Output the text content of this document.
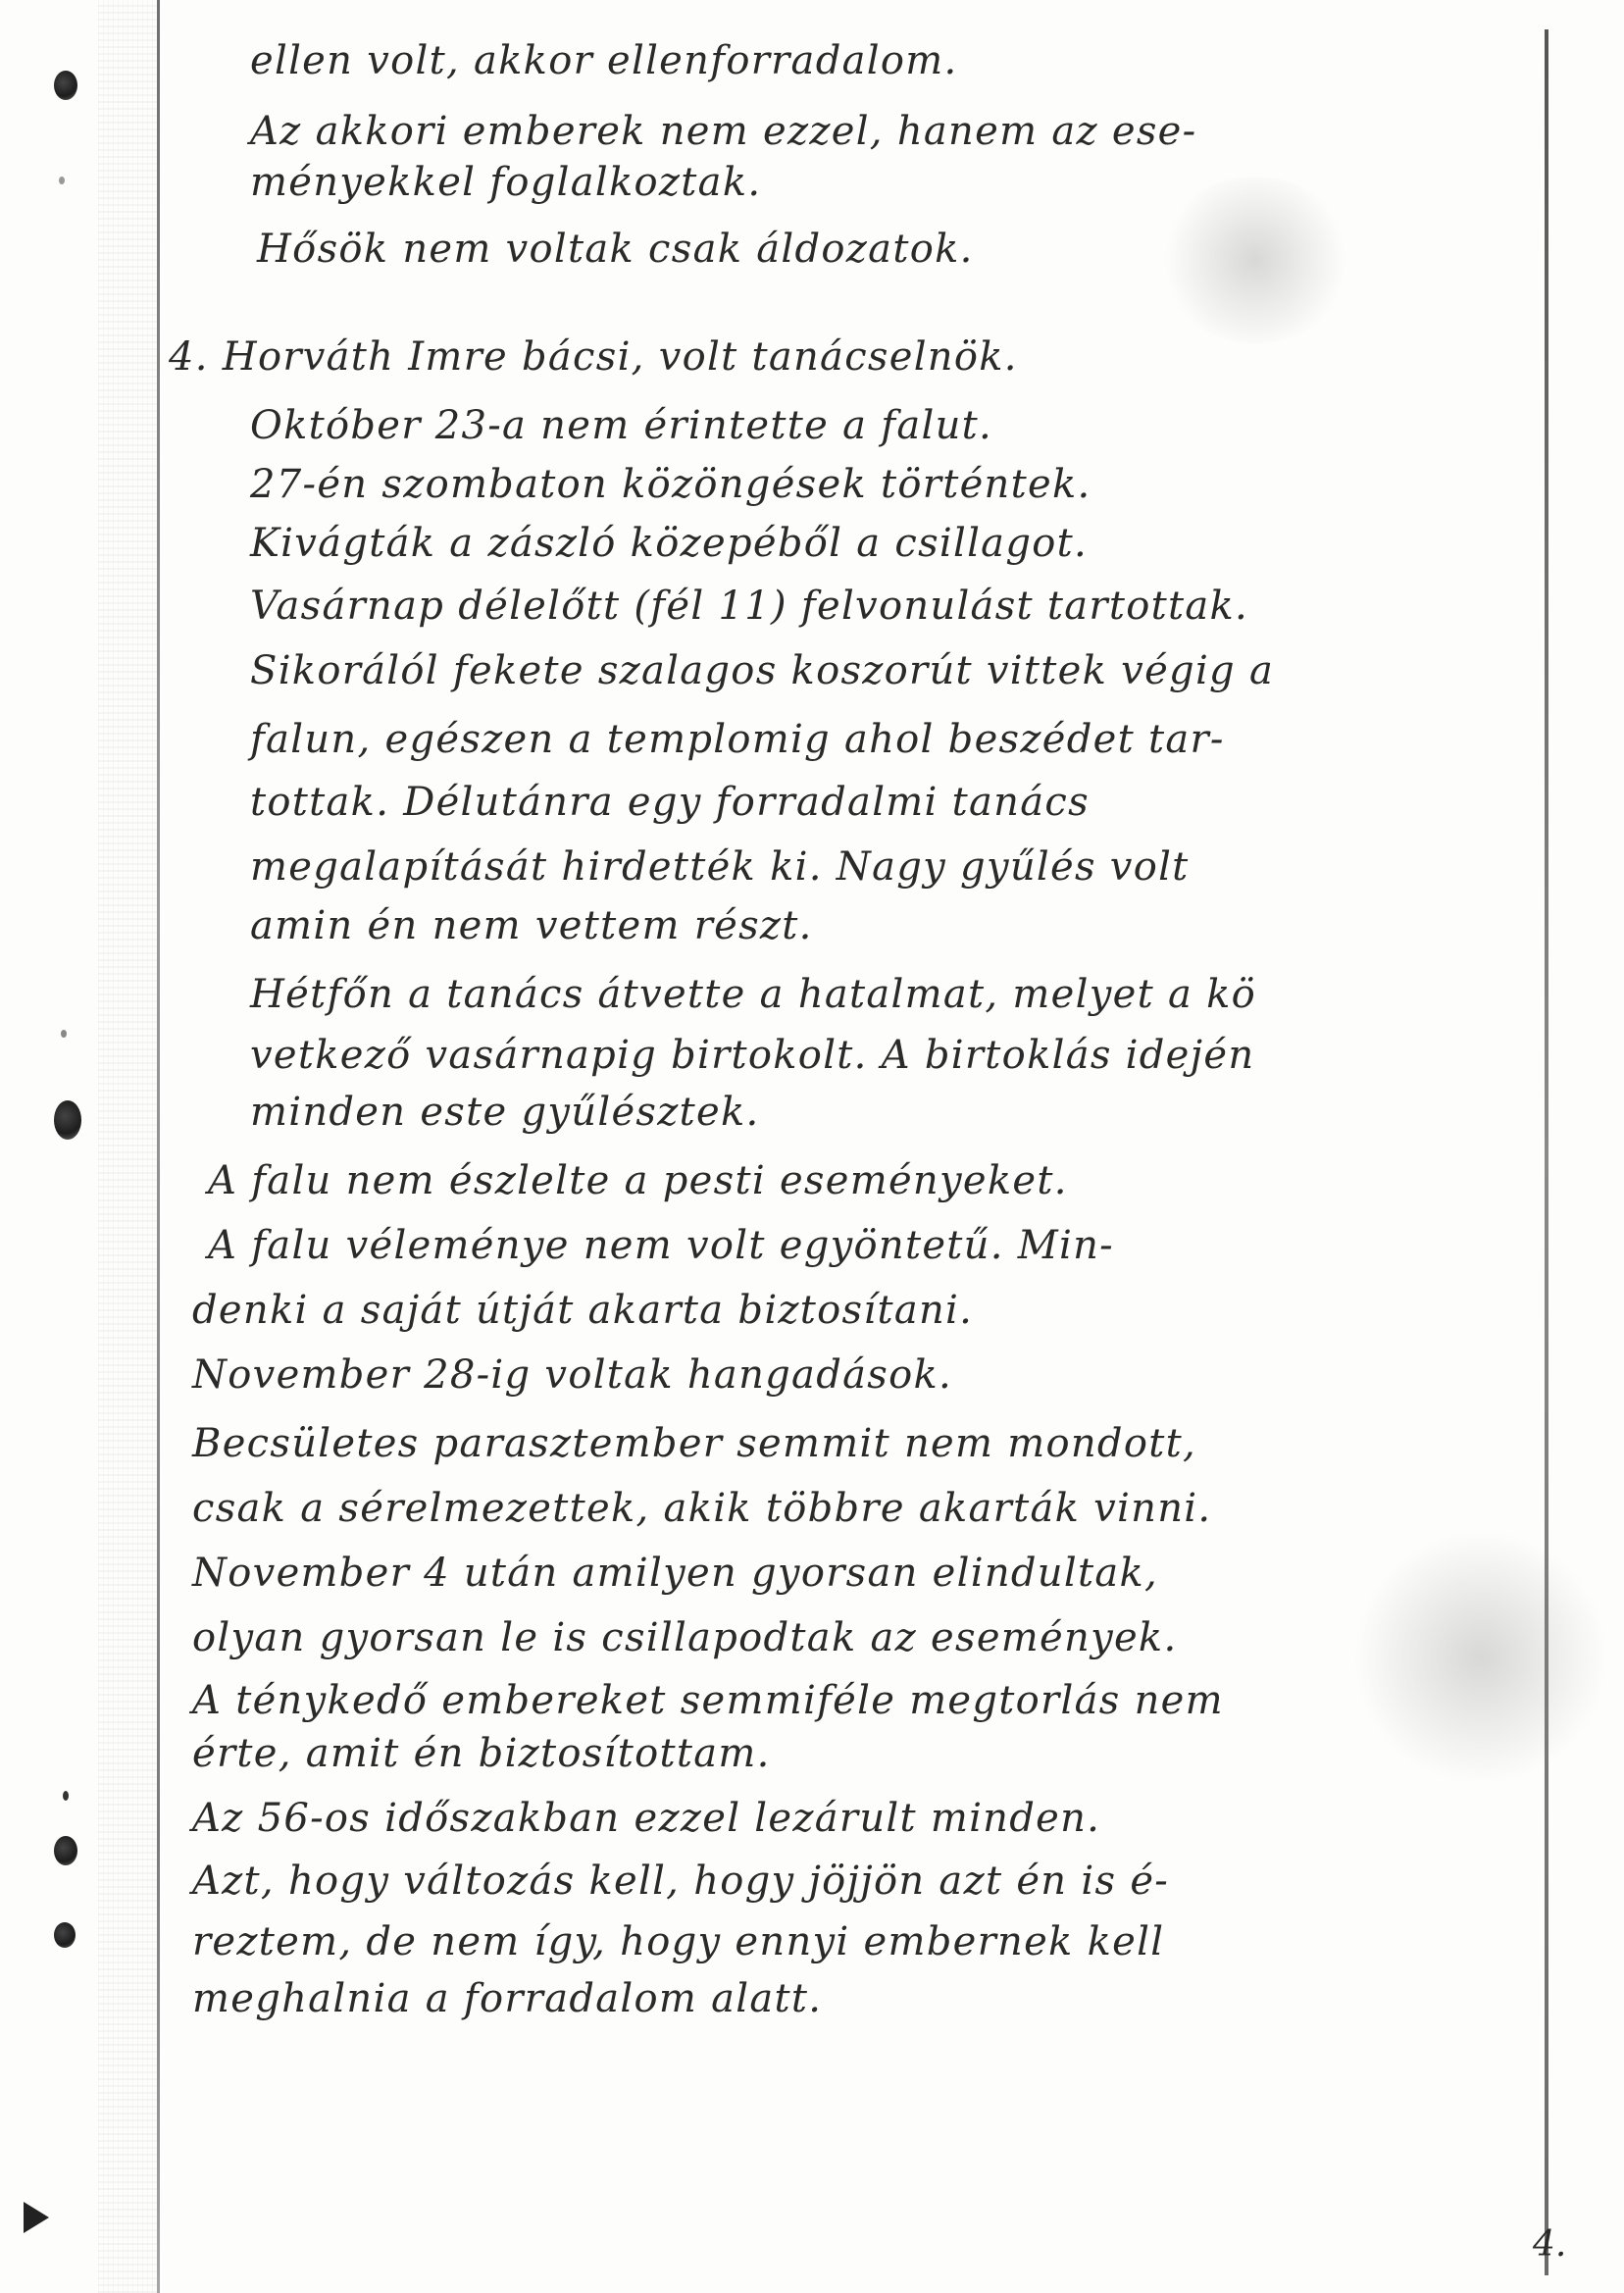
ellen volt, akkor ellenforradalom.
Az akkori emberek nem ezzel, hanem az ese-
ményekkel foglalkoztak.
Hősök nem voltak csak áldozatok.
4. Horváth Imre bácsi, volt tanácselnök.
Október 23-a nem érintette a falut.
27-én szombaton közöngések történtek.
Kivágták a zászló közepéből a csillagot.
Vasárnap délelőtt (fél 11) felvonulást tartottak.
Sikorálól fekete szalagos koszorút vittek végig a
falun, egészen a templomig ahol beszédet tar-
tottak. Délutánra egy forradalmi tanács
megalapítását hirdették ki. Nagy gyűlés volt
amin én nem vettem részt.
Hétfőn a tanács átvette a hatalmat, melyet a kö
vetkező vasárnapig birtokolt. A birtoklás idején
minden este gyűlésztek.
A falu nem észlelte a pesti eseményeket.
A falu véleménye nem volt egyöntetű. Min-
denki a saját útját akarta biztosítani.
November 28-ig voltak hangadások.
Becsületes parasztember semmit nem mondott,
csak a sérelmezettek, akik többre akarták vinni.
November 4 után amilyen gyorsan elindultak,
olyan gyorsan le is csillapodtak az események.
A ténykedő embereket semmiféle megtorlás nem
érte, amit én biztosítottam.
Az 56-os időszakban ezzel lezárult minden.
Azt, hogy változás kell, hogy jöjjön azt én is é-
reztem, de nem így, hogy ennyi embernek kell
meghalnia a forradalom alatt.
4.
